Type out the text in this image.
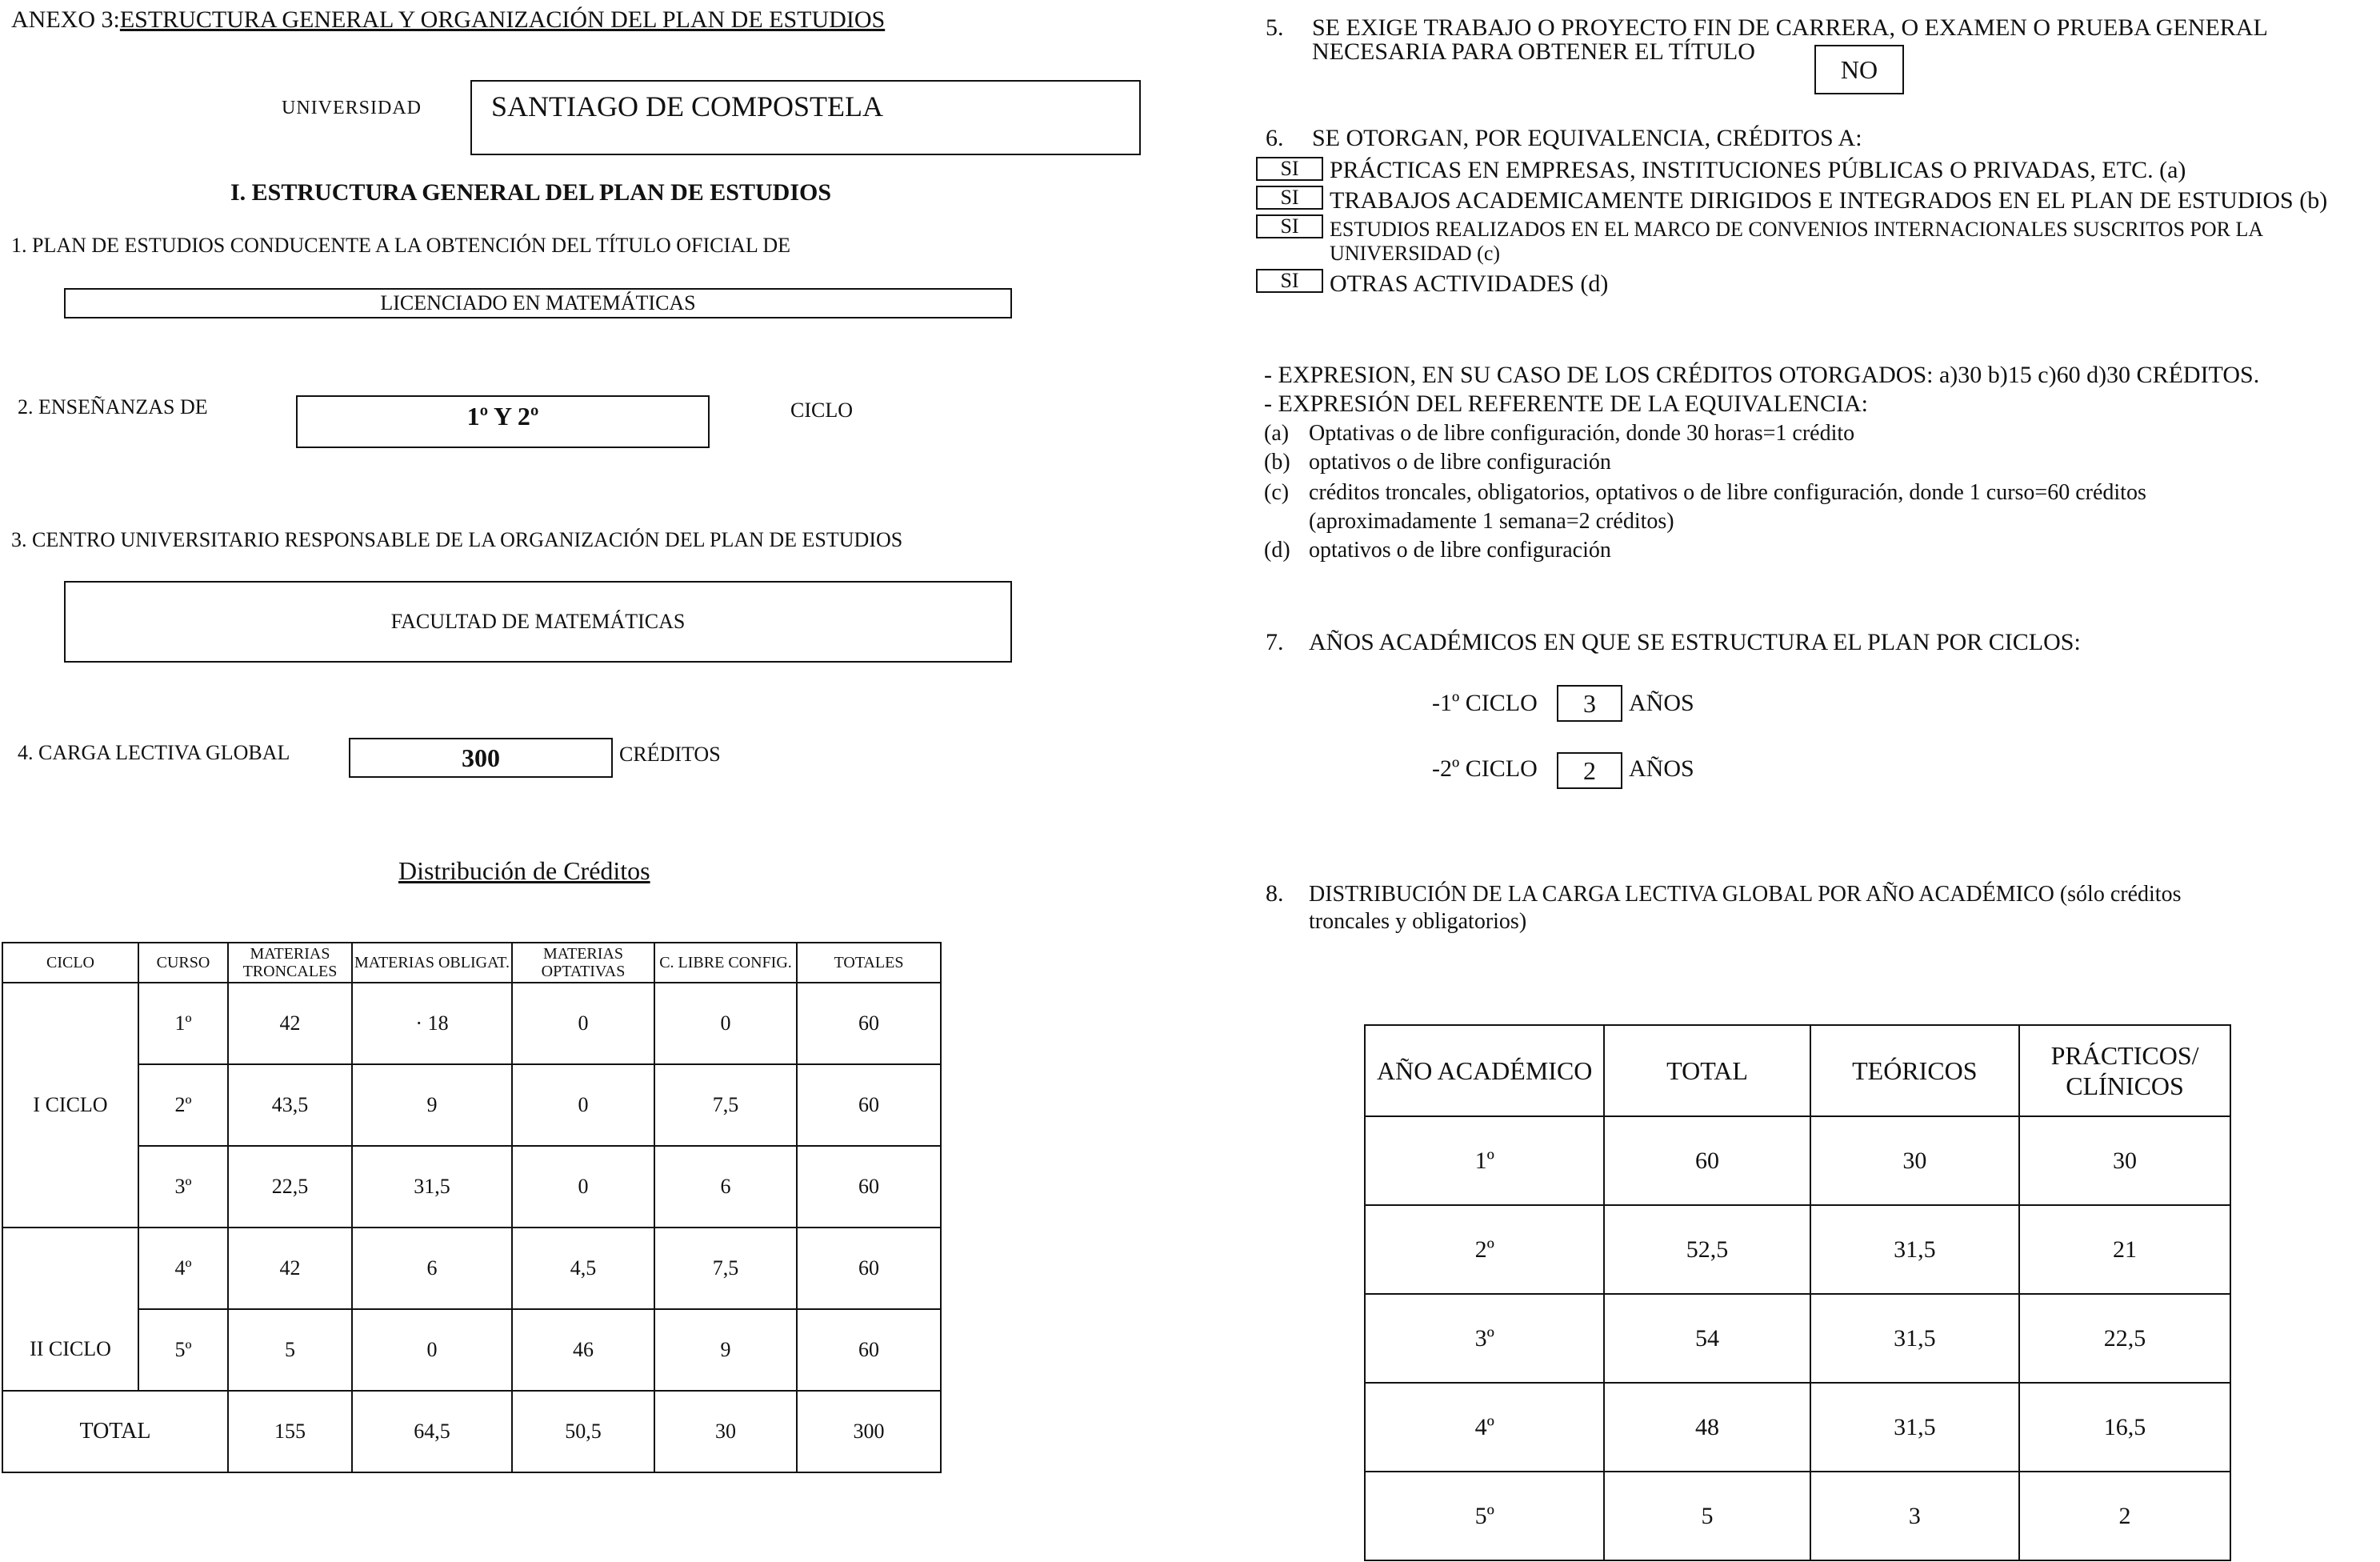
ANEXO 3:ESTRUCTURA GENERAL Y ORGANIZACIÓN DEL PLAN DE ESTUDIOS
UNIVERSIDAD SANTIAGO DE COMPOSTELA
I. ESTRUCTURA GENERAL DEL PLAN DE ESTUDIOS
1. PLAN DE ESTUDIOS CONDUCENTE A LA OBTENCIÓN DEL TÍTULO OFICIAL DE
LICENCIADO EN MATEMÁTICAS
2. ENSEÑANZAS DE	1º Y 2º	CICLO
3. CENTRO UNIVERSITARIO RESPONSABLE DE LA ORGANIZACIÓN DEL PLAN DE ESTUDIOS
FACULTAD DE MATEMÁTICAS
4. CARGA LECTIVA GLOBAL	300	CRÉDITOS
Distribución de Créditos
CICLO	CURSO	MATERIAS TRONCALES	MATERIAS OBLIGAT.	MATERIAS OPTATIVAS	C. LIBRE CONFIG.	TOTALES
I CICLO	1º	42	· 18	0	0	60
	2º	43,5	9	0	7,5	60
	3º	22,5	31,5	0	6	60
II CICLO	4º	42	6	4,5	7,5	60
	5º	5	0	46	9	60
TOTAL		155	64,5	50,5	30	300
5. SE EXIGE TRABAJO O PROYECTO FIN DE CARRERA, O EXAMEN O PRUEBA GENERAL
NECESARIA PARA OBTENER EL TÍTULO
NO
6. SE OTORGAN, POR EQUIVALENCIA, CRÉDITOS A:
SI	PRÁCTICAS EN EMPRESAS, INSTITUCIONES PÚBLICAS O PRIVADAS, ETC. (a)
SI	TRABAJOS ACADEMICAMENTE DIRIGIDOS E INTEGRADOS EN EL PLAN DE ESTUDIOS (b)
SI	ESTUDIOS REALIZADOS EN EL MARCO DE CONVENIOS INTERNACIONALES SUSCRITOS POR LA
UNIVERSIDAD (c)
SI	OTRAS ACTIVIDADES (d)
- EXPRESION, EN SU CASO DE LOS CRÉDITOS OTORGADOS: a)30 b)15 c)60 d)30 CRÉDITOS.
- EXPRESIÓN DEL REFERENTE DE LA EQUIVALENCIA:
(a) Optativas o de libre configuración, donde 30 horas=1 crédito
(b) optativos o de libre configuración
(c) créditos troncales, obligatorios, optativos o de libre configuración, donde 1 curso=60 créditos
(aproximadamente 1 semana=2 créditos)
(d) optativos o de libre configuración
7. AÑOS ACADÉMICOS EN QUE SE ESTRUCTURA EL PLAN POR CICLOS:
-1º CICLO 3 AÑOS
-2º CICLO 2 AÑOS
8. DISTRIBUCIÓN DE LA CARGA LECTIVA GLOBAL POR AÑO ACADÉMICO (sólo créditos
troncales y obligatorios)
AÑO ACADÉMICO	TOTAL	TEÓRICOS	PRÁCTICOS/ CLÍNICOS
1º	60	30	30
2º	52,5	31,5	21
3º	54	31,5	22,5
4º	48	31,5	16,5
5º	5	3	2
